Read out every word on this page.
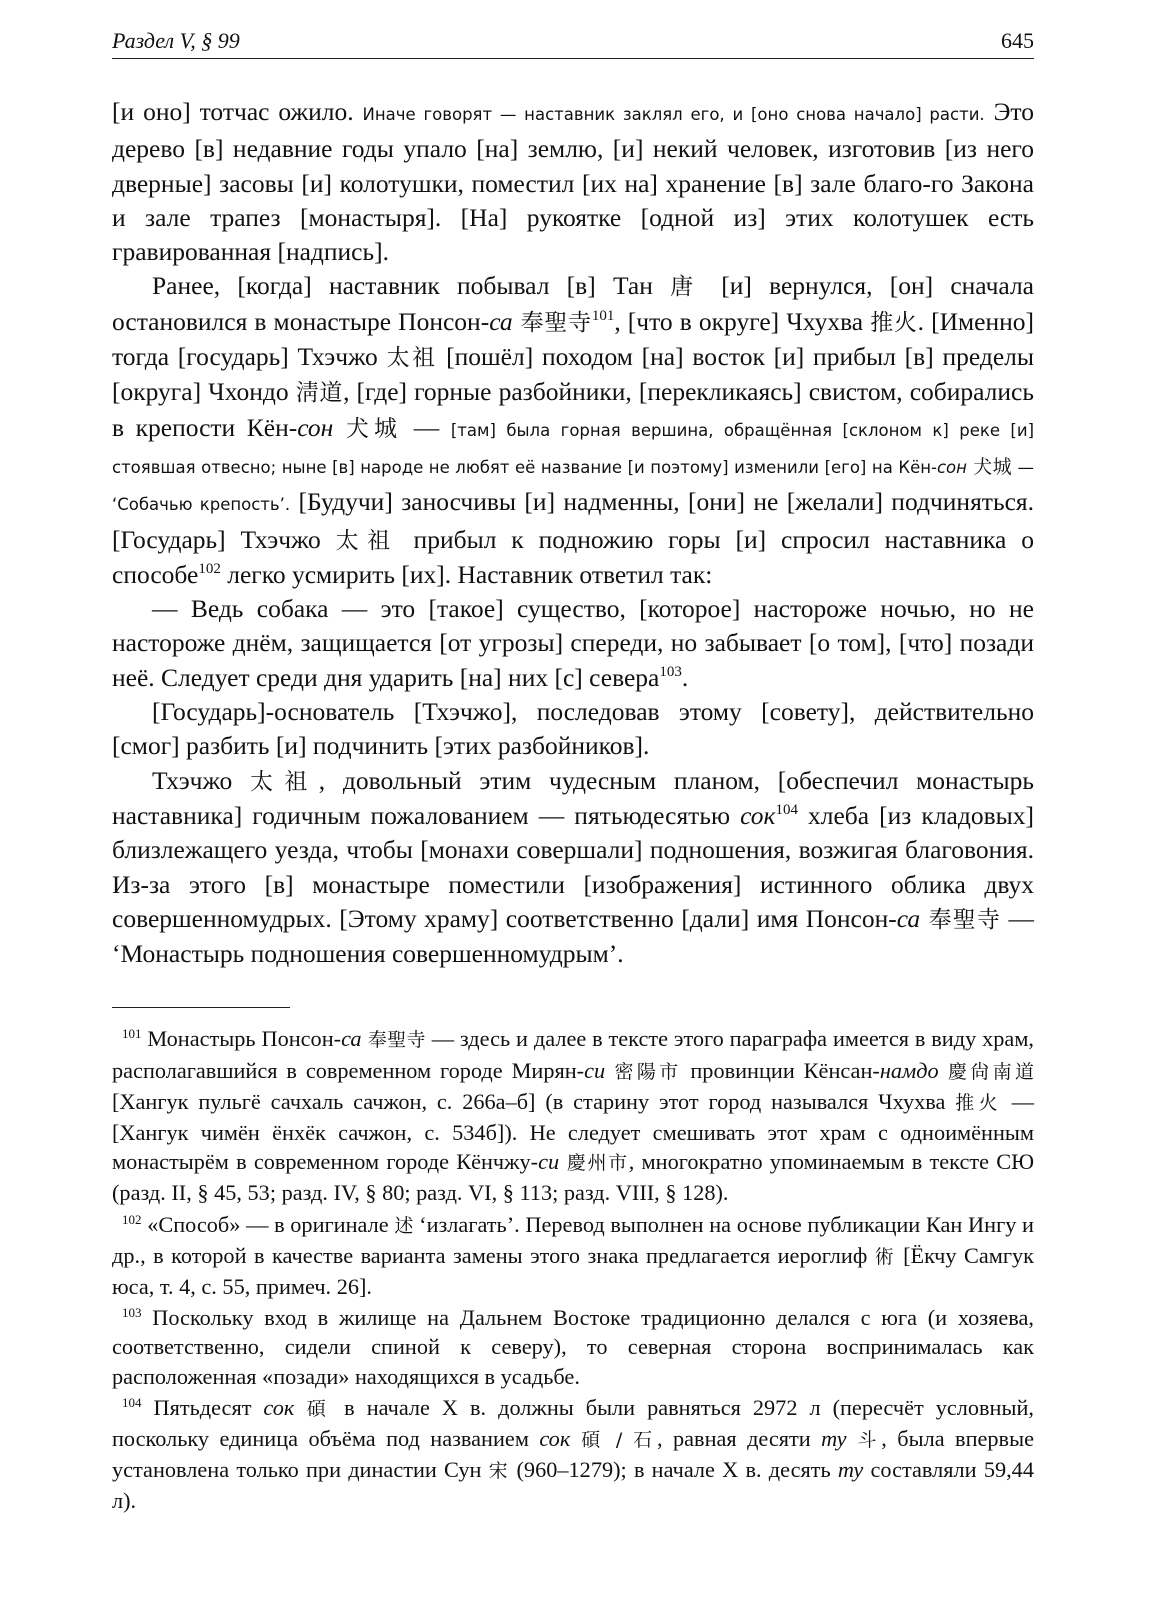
Раздел V, § 99	645

[и оно] тотчас ожило. Иначе говорят — наставник заклял его, и [оно снова начало] расти. Это дерево [в] недавние годы упало [на] землю, [и] некий человек, изготовив [из него дверные] засовы [и] колотушки, поместил [их на] хранение [в] зале благо-го Закона и зале трапез [монастыря]. [На] рукоятке [одной из] этих колотушек есть гравированная [надпись].

Ранее, [когда] наставник побывал [в] Тан 唐 [и] вернулся, [он] сначала остановился в монастыре Понсон-са 奉聖寺$^{101}$, [что в округе] Чхухва 推火. [Именно] тогда [государь] Тхэчжо 太祖 [пошёл] походом [на] восток [и] прибыл [в] пределы [округа] Чхондо 淸道, [где] горные разбойники, [перекликаясь] свистом, собирались в крепости Кён-сон 犬城 — [там] была горная вершина, обращённая [склоном к] реке [и] стоявшая отвесно; ныне [в] народе не любят её название [и поэтому] изменили [его] на Кён-сон 犬城 — ‘Собачью крепость’. [Будучи] заносчивы [и] надменны, [они] не [желали] подчиняться. [Государь] Тхэчжо 太祖 прибыл к подножию горы [и] спросил наставника о способе$^{102}$ легко усмирить [их]. Наставник ответил так:

— Ведь собака — это [такое] существо, [которое] настороже ночью, но не настороже днём, защищается [от угрозы] спереди, но забывает [о том], [что] позади неё. Следует среди дня ударить [на] них [с] севера$^{103}$.

[Государь]-основатель [Тхэчжо], последовав этому [совету], действительно [смог] разбить [и] подчинить [этих разбойников].

Тхэчжо 太祖, довольный этим чудесным планом, [обеспечил монастырь наставника] годичным пожалованием — пятьюдесятью сок$^{104}$ хлеба [из кладовых] близлежащего уезда, чтобы [монахи совершали] подношения, возжигая благовония. Из-за этого [в] монастыре поместили [изображения] истинного облика двух совершенномудрых. [Этому храму] соответственно [дали] имя Понсон-са 奉聖寺 — ‘Монастырь подношения совершенномудрым’.

$^{101}$ Монастырь Понсон-са 奉聖寺 — здесь и далее в тексте этого параграфа имеется в виду храм, располагавшийся в современном городе Мирян-си 密陽市 провинции Кёнсан-намдо 慶尙南道 [Хангук пульгё сачхаль сачжон, с. 266а–б] (в старину этот город назывался Чхухва 推火 — [Хангук чимён ёнхёк сачжон, с. 534б]). Не следует смешивать этот храм с одноимённым монастырём в современном городе Кёнчжу-си 慶州市, многократно упоминаемым в тексте СЮ (разд. II, § 45, 53; разд. IV, § 80; разд. VI, § 113; разд. VIII, § 128).

$^{102}$ «Способ» — в оригинале 述 ‘излагать’. Перевод выполнен на основе публикации Кан Ингу и др., в которой в качестве варианта замены этого знака предлагается иероглиф 術 [Ёкчу Самгук юса, т. 4, с. 55, примеч. 26].

$^{103}$ Поскольку вход в жилище на Дальнем Востоке традиционно делался с юга (и хозяева, соответственно, сидели спиной к северу), то северная сторона воспринималась как расположенная «позади» находящихся в усадьбе.

$^{104}$ Пятьдесят сок 碩 в начале X в. должны были равняться 2972 л (пересчёт условный, поскольку единица объёма под названием сок 碩 / 石, равная десяти ту 斗, была впервые установлена только при династии Сун 宋 (960–1279); в начале X в. десять ту составляли 59,44 л).
